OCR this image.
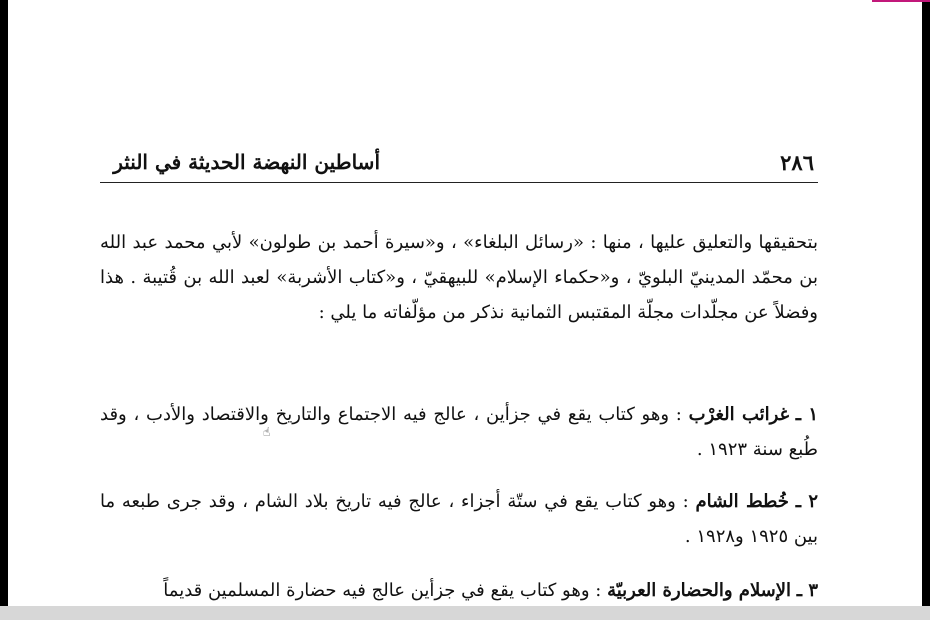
أساطين النهضة الحديثة في النثر	٢٨٦
بتحقيقها والتعليق عليها ، منها : «رسائل البلغاء» ، و«سيرة أحمد بن طولون» لأبي محمد عبد الله بن محمّد المدينيّ البلويّ ، و«حكماء الإسلام» للبيهقيّ ، و«كتاب الأشربة» لعبد الله بن قُتيبة . هذا وفضلاً عن مجلّدات مجلّة المقتبس الثمانية نذكر من مؤلّفاته ما يلي :
١ ـ غرائب الغرْب : وهو كتاب يقع في جزأين ، عالج فيه الاجتماع والتاريخ والاقتصاد والأدب ، وقد طُبع سنة ١٩٢٣ .
٢ ـ خُطط الشام : وهو كتاب يقع في ستّة أجزاء ، عالج فيه تاريخ بلاد الشام ، وقد جرى طبعه ما بين ١٩٢٥ و١٩٢٨ .
٣ ـ الإسلام والحضارة العربيّة : وهو كتاب يقع في جزأين عالج فيه حضارة المسلمين قديماً
☝
